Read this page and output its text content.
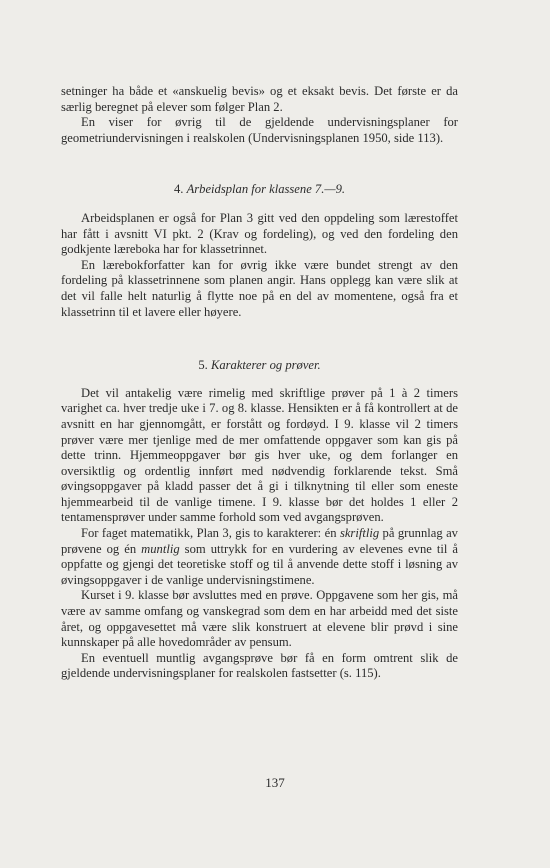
setninger ha både et «anskuelig bevis» og et eksakt bevis. Det første er da særlig beregnet på elever som følger Plan 2.

En viser for øvrig til de gjeldende undervisningsplaner for geometriundervisningen i realskolen (Undervisningsplanen 1950, side 113).

4. Arbeidsplan for klassene 7.—9.

Arbeidsplanen er også for Plan 3 gitt ved den oppdeling som lærestoffet har fått i avsnitt VI pkt. 2 (Krav og fordeling), og ved den fordeling den godkjente læreboka har for klassetrinnet.

En lærebokforfatter kan for øvrig ikke være bundet strengt av den fordeling på klassetrinnene som planen angir. Hans opplegg kan være slik at det vil falle helt naturlig å flytte noe på en del av momentene, også fra et klassetrinn til et lavere eller høyere.

5. Karakterer og prøver.

Det vil antakelig være rimelig med skriftlige prøver på 1 à 2 timers varighet ca. hver tredje uke i 7. og 8. klasse. Hensikten er å få kontrollert at de avsnitt en har gjennomgått, er forstått og fordøyd. I 9. klasse vil 2 timers prøver være mer tjenlige med de mer omfattende oppgaver som kan gis på dette trinn. Hjemmeoppgaver bør gis hver uke, og dem forlanger en oversiktlig og ordentlig innført med nødvendig forklarende tekst. Små øvingsoppgaver på kladd passer det å gi i tilknytning til eller som eneste hjemmearbeid til de vanlige timene. I 9. klasse bør det holdes 1 eller 2 tentamensprøver under samme forhold som ved avgangsprøven.

For faget matematikk, Plan 3, gis to karakterer: én skriftlig på grunnlag av prøvene og én muntlig som uttrykk for en vurdering av elevenes evne til å oppfatte og gjengi det teoretiske stoff og til å anvende dette stoff i løsning av øvingsoppgaver i de vanlige undervisningstimene.

Kurset i 9. klasse bør avsluttes med en prøve. Oppgavene som her gis, må være av samme omfang og vanskegrad som dem en har arbeidd med det siste året, og oppgavesettet må være slik konstruert at elevene blir prøvd i sine kunnskaper på alle hovedområder av pensum.

En eventuell muntlig avgangsprøve bør få en form omtrent slik de gjeldende undervisningsplaner for realskolen fastsetter (s. 115).

137
